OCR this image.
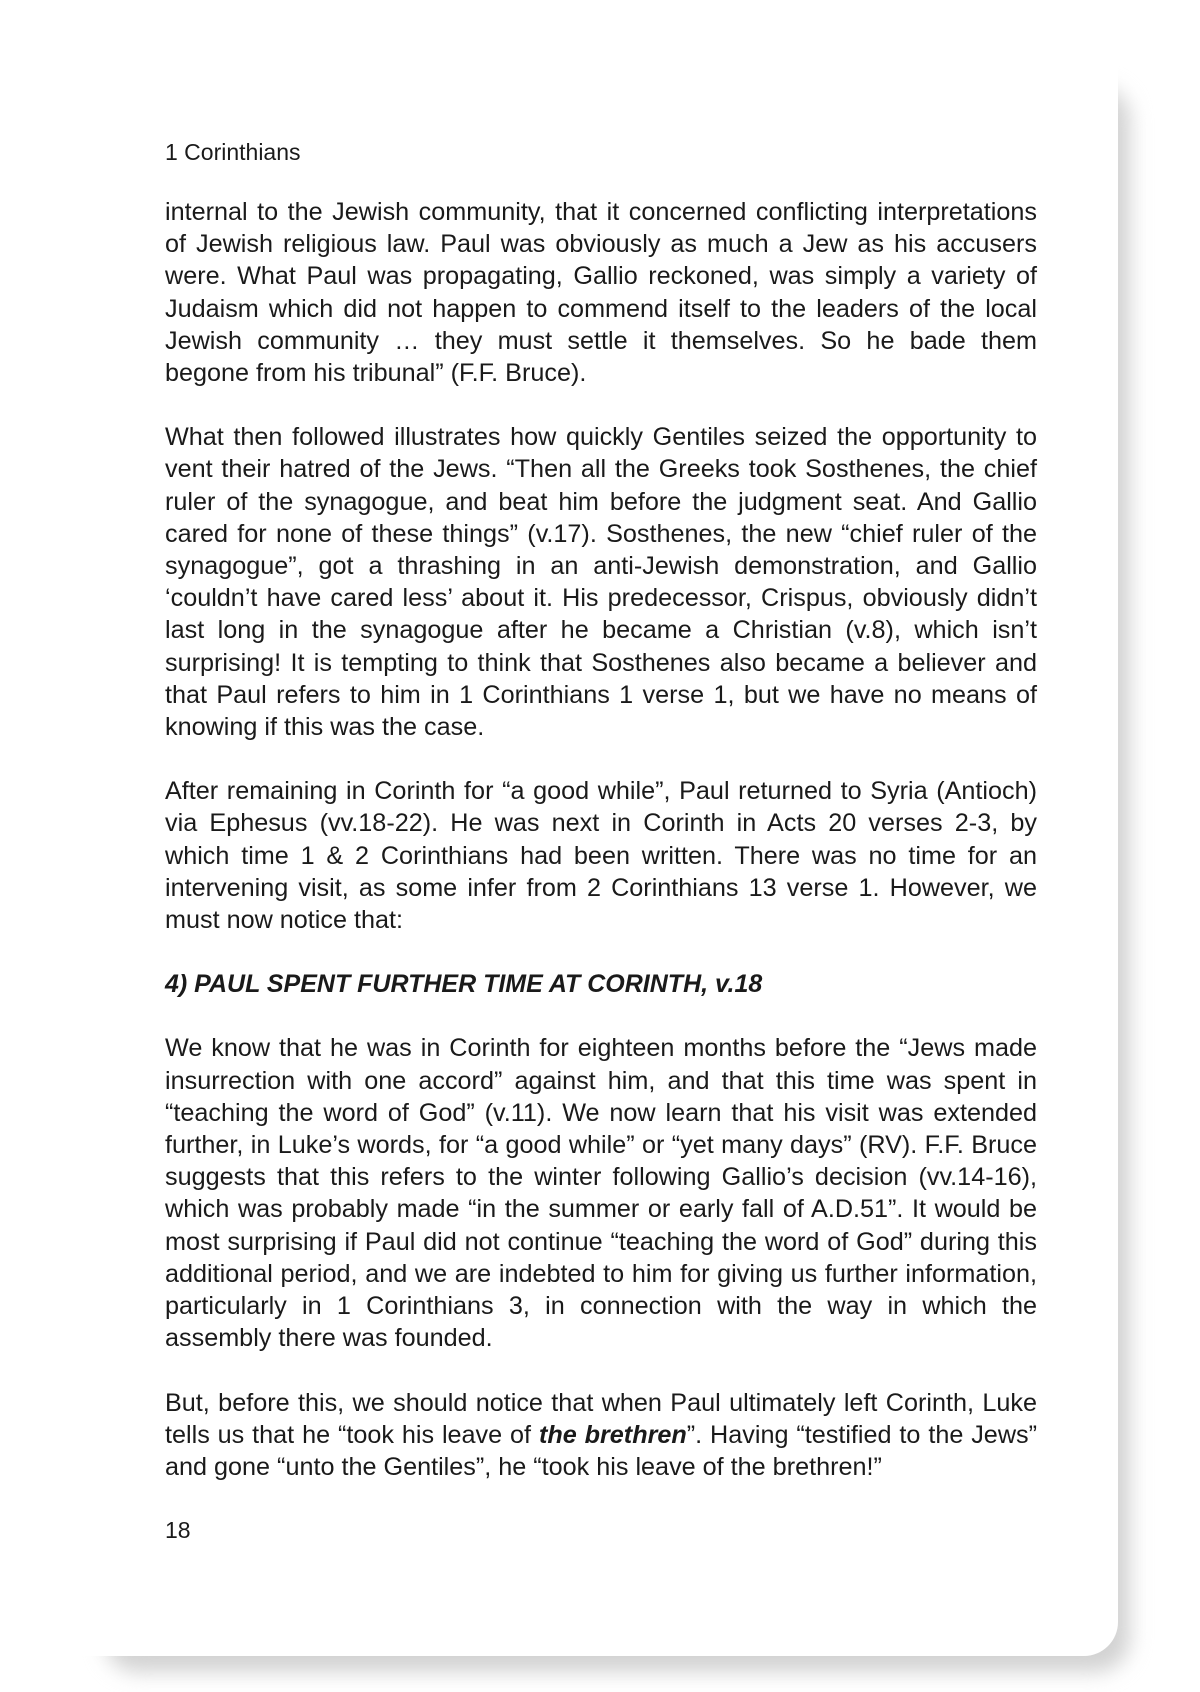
1 Corinthians

internal to the Jewish community, that it concerned conflicting interpretations of Jewish religious law. Paul was obviously as much a Jew as his accusers were. What Paul was propagating, Gallio reckoned, was simply a variety of Judaism which did not happen to commend itself to the leaders of the local Jewish community … they must settle it themselves. So he bade them begone from his tribunal” (F.F. Bruce).

What then followed illustrates how quickly Gentiles seized the opportunity to vent their hatred of the Jews. “Then all the Greeks took Sosthenes, the chief ruler of the synagogue, and beat him before the judgment seat. And Gallio cared for none of these things” (v.17). Sosthenes, the new “chief ruler of the synagogue”, got a thrashing in an anti-Jewish demonstration, and Gallio ‘couldn’t have cared less’ about it. His predecessor, Crispus, obviously didn’t last long in the synagogue after he became a Christian (v.8), which isn’t surprising! It is tempting to think that Sosthenes also became a believer and that Paul refers to him in 1 Corinthians 1 verse 1, but we have no means of knowing if this was the case.

After remaining in Corinth for “a good while”, Paul returned to Syria (Antioch) via Ephesus (vv.18-22). He was next in Corinth in Acts 20 verses 2-3, by which time 1 & 2 Corinthians had been written. There was no time for an intervening visit, as some infer from 2 Corinthians 13 verse 1. However, we must now notice that:

4) PAUL SPENT FURTHER TIME AT CORINTH, v.18

We know that he was in Corinth for eighteen months before the “Jews made insurrection with one accord” against him, and that this time was spent in “teaching the word of God” (v.11). We now learn that his visit was extended further, in Luke’s words, for “a good while” or “yet many days” (RV). F.F. Bruce suggests that this refers to the winter following Gallio’s decision (vv.14-16), which was probably made “in the summer or early fall of A.D.51”. It would be most surprising if Paul did not continue “teaching the word of God” during this additional period, and we are indebted to him for giving us further information, particularly in 1 Corinthians 3, in connection with the way in which the assembly there was founded.

But, before this, we should notice that when Paul ultimately left Corinth, Luke tells us that he “took his leave of the brethren”. Having “testified to the Jews” and gone “unto the Gentiles”, he “took his leave of the brethren!”

18
